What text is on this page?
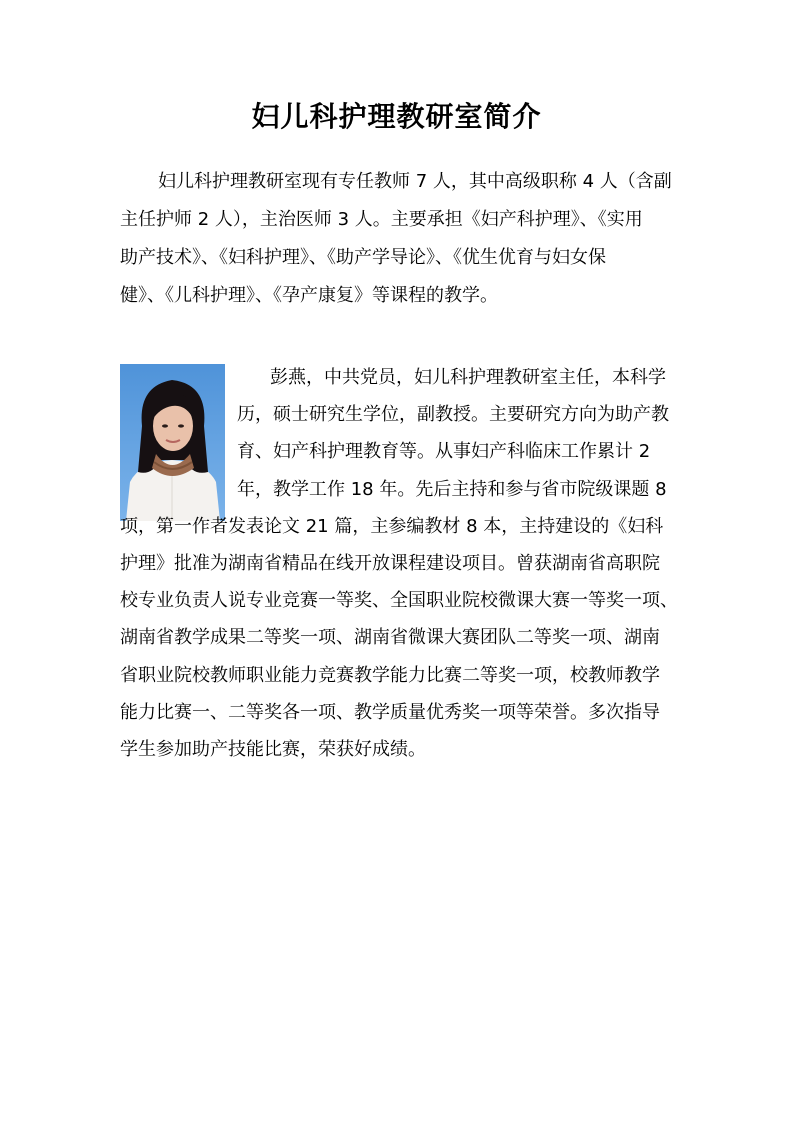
妇儿科护理教研室简介
妇儿科护理教研室现有专任教师 7 人，其中高级职称 4 人（含副
主任护师 2 人），主治医师 3 人。主要承担《妇产科护理》、《实用
助产技术》、《妇科护理》、《助产学导论》、《优生优育与妇女保
健》、《儿科护理》、《孕产康复》等课程的教学。
彭燕，中共党员，妇儿科护理教研室主任，本科学
历，硕士研究生学位，副教授。主要研究方向为助产教
育、妇产科护理教育等。从事妇产科临床工作累计 2
年，教学工作 18 年。先后主持和参与省市院级课题 8
项，第一作者发表论文 21 篇，主参编教材 8 本，主持建设的《妇科
护理》批准为湖南省精品在线开放课程建设项目。曾获湖南省高职院
校专业负责人说专业竞赛一等奖、全国职业院校微课大赛一等奖一项、
湖南省教学成果二等奖一项、湖南省微课大赛团队二等奖一项、湖南
省职业院校教师职业能力竞赛教学能力比赛二等奖一项，校教师教学
能力比赛一、二等奖各一项、教学质量优秀奖一项等荣誉。多次指导
学生参加助产技能比赛，荣获好成绩。
